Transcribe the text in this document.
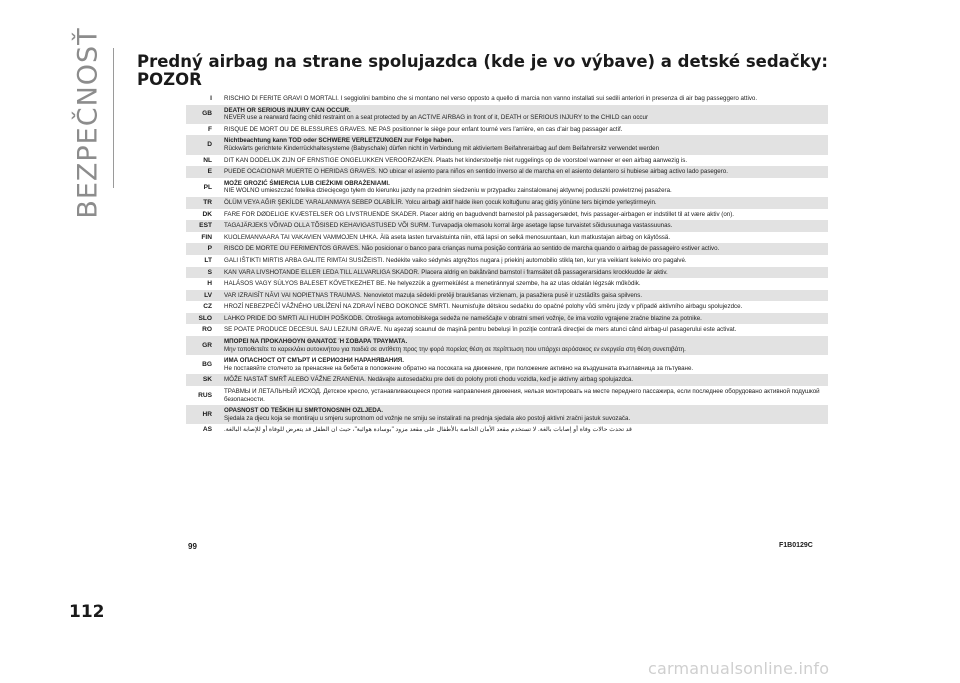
BEZPEČNOSŤ Predný airbag na strane spolujazdca (kde je vo výbave) a detské sedačky: POZOR
I	RISCHIO DI FERITE GRAVI O MORTALI. I seggiolini bambino che si montano nel verso opposto a quello di marcia non vanno installati sui sedili anteriori in presenza di air bag passeggero attivo.

GB	DEATH OR SERIOUS INJURY CAN OCCUR.
NEVER use a rearward facing child restraint on a seat protected by an ACTIVE AIRBAG in front of it, DEATH or SERIOUS INJURY to the CHILD can occur

F	RISQUE DE MORT OU DE BLESSURES GRAVES. NE PAS positionner le siège pour enfant tourné vers l'arrière, en cas d'air bag passager actif.

D	Nichtbeachtung kann TOD oder SCHWERE VERLETZUNGEN zur Folge haben.
Rückwärts gerichtete Kinderrückhaltesysteme (Babyschale) dürfen nicht in Verbindung mit aktiviertem Beifahrerairbag auf dem Beifahrersitz verwendet werden

NL	DIT KAN DODELIJK ZIJN OF ERNSTIGE ONGELUKKEN VEROORZAKEN. Plaats het kinderstoeltje niet ruggelings op de voorstoel wanneer er een airbag aanwezig is.

E	PUEDE OCACIONAR MUERTE O HERIDAS GRAVES. NO ubicar el asiento para niños en sentido inverso al de marcha en el asiento delantero si hubiese airbag activo lado pasegero.

PL	MOŻE GROZIĆ ŚMIERCIA LUB CIEŻKIMI OBRAŻENIAMI.
NIE WOLNO umieszczać fotelika dziecięcego tyłem do kierunku jazdy na przednim siedzeniu w przypadku zainstalowanej aktywnej poduszki powietrznej pasażera.

TR	ÖLÜM VEYA AĞIR ŞEKİLDE YARALANMAYA SEBEP OLABİLİR. Yolcu airbaği aktif halde iken çocuk koltuğunu araç gidiş yönüne ters biçimde yerleştirmeyin.

DK	FARE FOR DØDELIGE KVÆSTELSER OG LIVSTRUENDE SKADER. Placer aldrig en bagudvendt barnestol på passagersædet, hvis passager-airbagen er indstillet til at være aktiv (on).

EST	TAGAJÄRJEKS VÕIVAD OLLA TÕSISED KEHAVIGASTUSED VÕI SURM. Turvapadja olemasolu korral ärge asetage lapse turvaistet sõidusuunaga vastassuunas.

FIN	KUOLEMANVAARA TAI VAKAVIEN VAMMOJEN UHKA. Älä aseta lasten turvaistuinta niin, että lapsi on selkä menosuuntaan, kun matkustajan airbag on käytössä.

P	RISCO DE MORTE OU FERIMENTOS GRAVES. Não posicionar o banco para crianças numa posição contrária ao sentido de marcha quando o airbag de passageiro estiver activo.

LT	GALI IŠTIKTI MIRTIS ARBA GALITE RIMTAI SUSIŽEISTI. Nedėkite vaiko sėdynės atgręžtos nugara į priekinį automobilio stiklą ten, kur yra veikiant keleivio oro pagalvė.

S	KAN VARA LIVSHOTANDE ELLER LEDA TILL ALLVARLIGA SKADOR. Placera aldrig en bakåtvänd barnstol i framsätet då passagerarsidans krockkudde är aktiv.

H	HALÁSOS VAGY SÚLYOS BALESET KÖVETKEZHET BE. Ne helyezzük a gyermekülést a menetiránnyal szembe, ha az utas oldalán légzsák működik.

LV	VAR IZRAISĪT NĀVI VAI NOPIETNAS TRAUMAS. Nenovietot mazuļa sēdekli pretēji braukšanas virzienam, ja pasažiera pusē ir uzstādīts gaisa spilvens.

CZ	HROZÍ NEBEZPEČÍ VÁŽNÉHO UBLÍŽENÍ NA ZDRAVÍ NEBO DOKONCE SMRTI. Neumisťujte dětskou sedačku do opačné polohy vůči směru jízdy v případě aktivního airbagu spolujezdce.

SLO	LAHKO PRIDE DO SMRTI ALI HUDIH POŠKODB. Otroškega avtomobilskega sedeža ne nameščajte v obratni smeri vožnje, če ima vozilo vgrajene zračne blazine za potnike.

RO	SE POATE PRODUCE DECESUL SAU LEZIUNI GRAVE. Nu aşezaţi scaunul de maşină pentru bebeluşi în poziţie contrară direcţiei de mers atunci când airbag-ul pasagerului este activat.

GR	ΜΠΟΡΕΙ ΝΑ ΠΡΟΚΛΗΘΟΥΝ ΘΑΝΑΤΟΣ Ή ΣΟΒΑΡΑ ΤΡΑΥΜΑΤΑ.
Μην τοποθετείτε το καρεκλάκι αυτοκινήτου για παιδιά σε αντίθετη προς την φορά πορείας θέση σε περίπτωση που υπάρχει αερόσακος εν ενεργεία στη θέση συνεπιβάτη.

BG	ИМА ОПАСНОСТ ОТ СМЪРТ И СЕРИОЗНИ НАРАНЯВАНИЯ.
Не поставяйте столчето за пренасяне на бебета в положение обратно на посоката на движение, при положение активно на въздушната възглавница за пътуване.

SK	MÔŽE NASTAŤ SMRŤ ALEBO VÁŽNE ZRANENIA. Nedávajte autosedačku pre deti do polohy proti chodu vozidla, keď je aktívny airbag spolujazdca.

RUS	ТРАВМЫ И ЛЕТАЛЬНЫЙ ИСХОД. Детское кресло, устанавливающееся против направления движения, нельзя монтировать на месте переднего пассажира, если последнее оборудовано активной подушкой безопасности.

HR	OPASNOST OD TEŠKIH ILI SMRTONOSNIH OZLJEDA.
Sjedala za djecu koja se montiraju u smjeru suprotnom od vožnje ne smiju se instalirati na prednja sjedala ako postoji aktivni zračni jastuk suvozača.

AS	قد تحدث حالات وفاة أو إصابات بالغة. لا تستخدم مقعد الأمان الخاصة بالأطفال على مقعد مزود "بوسادة هوائية"، حيث ان الطفل قد يتعرض للوفاة أو للإصابة البالغة.
99	F1B0129C
112
carmanualsonline.info
